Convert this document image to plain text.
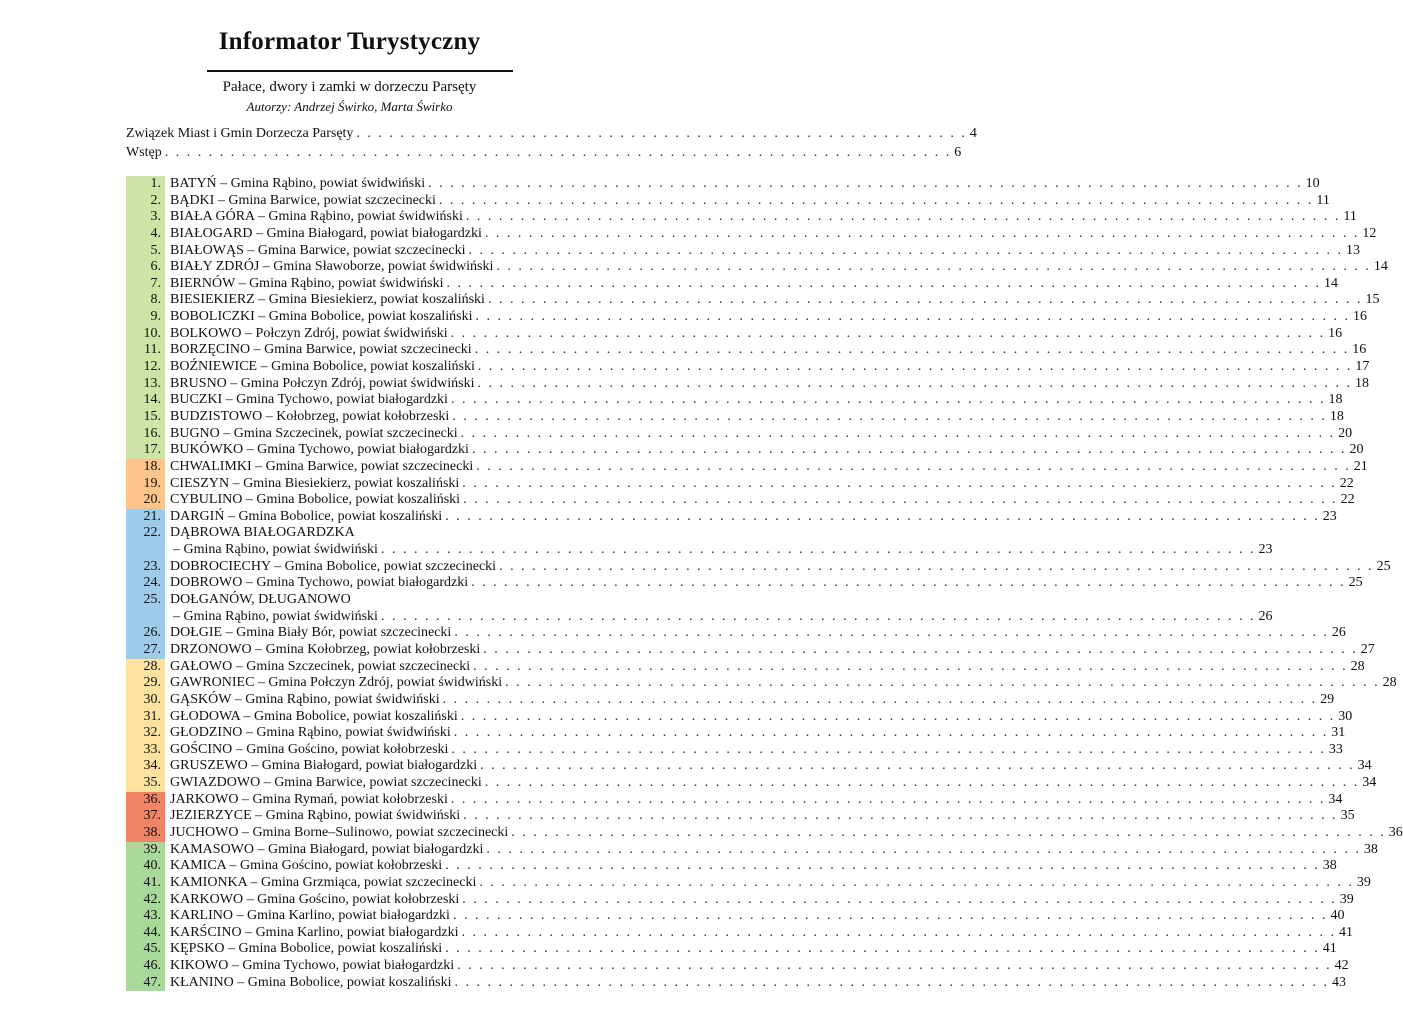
Informator Turystyczny
Pałace, dwory i zamki w dorzeczu Parsęty
Autorzy: Andrzej Świrko, Marta Świrko
Związek Miast i Gmin Dorzecza Parsęty . . . . . . . . . . . . . . . . . . . . . . . . . . . . . . . . . . . . . . . . . . . . . . . . . . . . . . . . 4
Wstęp . . . . . . . . . . . . . . . . . . . . . . . . . . . . . . . . . . . . . . . . . . . . . . . . . . . . . . . . . . . . . . . . . . . . . . . . 6
1. BATYŃ – Gmina Rąbino, powiat świdwiński . . . . . . . . . . . . . . . . . . . . . . . . . . . . . . . . . . . . . . . . . . . . . . . . . . . . . . . . . . . . . . . . . . . . . . . . . . . . . . . . 10
2. BĄDKI – Gmina Barwice, powiat szczecinecki . . . . . . . . . . . . . . . . . . . . . . . . . . . . . . . . . . . . . . . . . . . . . . . . . . . . . . . . . . . . . . . . . . . . . . . . . . . . . . . . 11
3. BIAŁA GÓRA – Gmina Rąbino, powiat świdwiński . . . . . . . . . . . . . . . . . . . . . . . . . . . . . . . . . . . . . . . . . . . . . . . . . . . . . . . . . . . . . . . . . . . . . . . . . . . . . . . . 11
4. BIAŁOGARD – Gmina Białogard, powiat białogardzki . . . . . . . . . . . . . . . . . . . . . . . . . . . . . . . . . . . . . . . . . . . . . . . . . . . . . . . . . . . . . . . . . . . . . . . . . . . . . . . . 12
5. BIAŁOWĄS – Gmina Barwice, powiat szczecinecki . . . . . . . . . . . . . . . . . . . . . . . . . . . . . . . . . . . . . . . . . . . . . . . . . . . . . . . . . . . . . . . . . . . . . . . . . . . . . . . . 13
6. BIAŁY ZDRÓJ – Gmina Sławoborze, powiat świdwiński . . . . . . . . . . . . . . . . . . . . . . . . . . . . . . . . . . . . . . . . . . . . . . . . . . . . . . . . . . . . . . . . . . . . . . . . . . . . . . . . 14
7. BIERNÓW – Gmina Rąbino, powiat świdwiński . . . . . . . . . . . . . . . . . . . . . . . . . . . . . . . . . . . . . . . . . . . . . . . . . . . . . . . . . . . . . . . . . . . . . . . . . . . . . . . . 14
8. BIESIEKIERZ – Gmina Biesiekierz, powiat koszaliński . . . . . . . . . . . . . . . . . . . . . . . . . . . . . . . . . . . . . . . . . . . . . . . . . . . . . . . . . . . . . . . . . . . . . . . . . . . . . . . . 15
9. BOBOLICZKI – Gmina Bobolice, powiat koszaliński . . . . . . . . . . . . . . . . . . . . . . . . . . . . . . . . . . . . . . . . . . . . . . . . . . . . . . . . . . . . . . . . . . . . . . . . . . . . . . . . 16
10. BOLKOWO – Połczyn Zdrój, powiat świdwiński . . . . . . . . . . . . . . . . . . . . . . . . . . . . . . . . . . . . . . . . . . . . . . . . . . . . . . . . . . . . . . . . . . . . . . . . . . . . . . . . 16
11. BORZĘCINO – Gmina Barwice, powiat szczecinecki . . . . . . . . . . . . . . . . . . . . . . . . . . . . . . . . . . . . . . . . . . . . . . . . . . . . . . . . . . . . . . . . . . . . . . . . . . . . . . . . 16
12. BOŹNIEWICE – Gmina Bobolice, powiat koszaliński . . . . . . . . . . . . . . . . . . . . . . . . . . . . . . . . . . . . . . . . . . . . . . . . . . . . . . . . . . . . . . . . . . . . . . . . . . . . . . . . 17
13. BRUSNO – Gmina Połczyn Zdrój, powiat świdwiński . . . . . . . . . . . . . . . . . . . . . . . . . . . . . . . . . . . . . . . . . . . . . . . . . . . . . . . . . . . . . . . . . . . . . . . . . . . . . . . . 18
14. BUCZKI – Gmina Tychowo, powiat białogardzki . . . . . . . . . . . . . . . . . . . . . . . . . . . . . . . . . . . . . . . . . . . . . . . . . . . . . . . . . . . . . . . . . . . . . . . . . . . . . . . . 18
15. BUDZISTOWO – Kołobrzeg, powiat kołobrzeski . . . . . . . . . . . . . . . . . . . . . . . . . . . . . . . . . . . . . . . . . . . . . . . . . . . . . . . . . . . . . . . . . . . . . . . . . . . . . . . . 18
16. BUGNO – Gmina Szczecinek, powiat szczecinecki . . . . . . . . . . . . . . . . . . . . . . . . . . . . . . . . . . . . . . . . . . . . . . . . . . . . . . . . . . . . . . . . . . . . . . . . . . . . . . . . 20
17. BUKÓWKO – Gmina Tychowo, powiat białogardzki . . . . . . . . . . . . . . . . . . . . . . . . . . . . . . . . . . . . . . . . . . . . . . . . . . . . . . . . . . . . . . . . . . . . . . . . . . . . . . . . 20
18. CHWALIMKI – Gmina Barwice, powiat szczecinecki . . . . . . . . . . . . . . . . . . . . . . . . . . . . . . . . . . . . . . . . . . . . . . . . . . . . . . . . . . . . . . . . . . . . . . . . . . . . . . . . 21
19. CIESZYN – Gmina Biesiekierz, powiat koszaliński . . . . . . . . . . . . . . . . . . . . . . . . . . . . . . . . . . . . . . . . . . . . . . . . . . . . . . . . . . . . . . . . . . . . . . . . . . . . . . . . 22
20. CYBULINO – Gmina Bobolice, powiat koszaliński . . . . . . . . . . . . . . . . . . . . . . . . . . . . . . . . . . . . . . . . . . . . . . . . . . . . . . . . . . . . . . . . . . . . . . . . . . . . . . . . 22
21. DARGIŃ – Gmina Bobolice, powiat koszaliński . . . . . . . . . . . . . . . . . . . . . . . . . . . . . . . . . . . . . . . . . . . . . . . . . . . . . . . . . . . . . . . . . . . . . . . . . . . . . . . . 23
22. DĄBROWA BIAŁOGARDZKA
– Gmina Rąbino, powiat świdwiński . . . . . . . . . . . . . . . . . . . . . . . . . . . . . . . . . . . . . . . . . . . . . . . . . . . . . . . . . . . . . . . . . . . . . . . . . . . . . . . . 23
23. DOBROCIECHY – Gmina Bobolice, powiat szczecinecki . . . . . . . . . . . . . . . . . . . . . . . . . . . . . . . . . . . . . . . . . . . . . . . . . . . . . . . . . . . . . . . . . . . . . . . . . . . . . . . . 25
24. DOBROWO – Gmina Tychowo, powiat białogardzki . . . . . . . . . . . . . . . . . . . . . . . . . . . . . . . . . . . . . . . . . . . . . . . . . . . . . . . . . . . . . . . . . . . . . . . . . . . . . . . . 25
25. DOŁGANÓW, DŁUGANOWO
– Gmina Rąbino, powiat świdwiński . . . . . . . . . . . . . . . . . . . . . . . . . . . . . . . . . . . . . . . . . . . . . . . . . . . . . . . . . . . . . . . . . . . . . . . . . . . . . . . . 26
26. DOŁGIE – Gmina Biały Bór, powiat szczecinecki . . . . . . . . . . . . . . . . . . . . . . . . . . . . . . . . . . . . . . . . . . . . . . . . . . . . . . . . . . . . . . . . . . . . . . . . . . . . . . . . 26
27. DRZONOWO – Gmina Kołobrzeg, powiat kołobrzeski . . . . . . . . . . . . . . . . . . . . . . . . . . . . . . . . . . . . . . . . . . . . . . . . . . . . . . . . . . . . . . . . . . . . . . . . . . . . . . . . 27
28. GAŁOWO – Gmina Szczecinek, powiat szczecinecki . . . . . . . . . . . . . . . . . . . . . . . . . . . . . . . . . . . . . . . . . . . . . . . . . . . . . . . . . . . . . . . . . . . . . . . . . . . . . . . . 28
29. GAWRONIEC – Gmina Połczyn Zdrój, powiat świdwiński . . . . . . . . . . . . . . . . . . . . . . . . . . . . . . . . . . . . . . . . . . . . . . . . . . . . . . . . . . . . . . . . . . . . . . . . . . . . . . . . 28
30. GĄSKÓW – Gmina Rąbino, powiat świdwiński . . . . . . . . . . . . . . . . . . . . . . . . . . . . . . . . . . . . . . . . . . . . . . . . . . . . . . . . . . . . . . . . . . . . . . . . . . . . . . . . 29
31. GŁODOWA – Gmina Bobolice, powiat koszaliński . . . . . . . . . . . . . . . . . . . . . . . . . . . . . . . . . . . . . . . . . . . . . . . . . . . . . . . . . . . . . . . . . . . . . . . . . . . . . . . . 30
32. GŁODZINO – Gmina Rąbino, powiat świdwiński . . . . . . . . . . . . . . . . . . . . . . . . . . . . . . . . . . . . . . . . . . . . . . . . . . . . . . . . . . . . . . . . . . . . . . . . . . . . . . . . 31
33. GOŚCINO – Gmina Gościno, powiat kołobrzeski . . . . . . . . . . . . . . . . . . . . . . . . . . . . . . . . . . . . . . . . . . . . . . . . . . . . . . . . . . . . . . . . . . . . . . . . . . . . . . . . 33
34. GRUSZEWO – Gmina Białogard, powiat białogardzki . . . . . . . . . . . . . . . . . . . . . . . . . . . . . . . . . . . . . . . . . . . . . . . . . . . . . . . . . . . . . . . . . . . . . . . . . . . . . . . . 34
35. GWIAZDOWO – Gmina Barwice, powiat szczecinecki . . . . . . . . . . . . . . . . . . . . . . . . . . . . . . . . . . . . . . . . . . . . . . . . . . . . . . . . . . . . . . . . . . . . . . . . . . . . . . . . 34
36. JARKOWO – Gmina Rymań, powiat kołobrzeski . . . . . . . . . . . . . . . . . . . . . . . . . . . . . . . . . . . . . . . . . . . . . . . . . . . . . . . . . . . . . . . . . . . . . . . . . . . . . . . . 34
37. JEZIERZYCE – Gmina Rąbino, powiat świdwiński . . . . . . . . . . . . . . . . . . . . . . . . . . . . . . . . . . . . . . . . . . . . . . . . . . . . . . . . . . . . . . . . . . . . . . . . . . . . . . . . 35
38. JUCHOWO – Gmina Borne–Sulinowo, powiat szczecinecki . . . . . . . . . . . . . . . . . . . . . . . . . . . . . . . . . . . . . . . . . . . . . . . . . . . . . . . . . . . . . . . . . . . . . . . . . . . . . . . . 36
39. KAMASOWO – Gmina Białogard, powiat białogardzki . . . . . . . . . . . . . . . . . . . . . . . . . . . . . . . . . . . . . . . . . . . . . . . . . . . . . . . . . . . . . . . . . . . . . . . . . . . . . . . . 38
40. KAMICA – Gmina Gościno, powiat kołobrzeski . . . . . . . . . . . . . . . . . . . . . . . . . . . . . . . . . . . . . . . . . . . . . . . . . . . . . . . . . . . . . . . . . . . . . . . . . . . . . . . . 38
41. KAMIONKA – Gmina Grzmiąca, powiat szczecinecki . . . . . . . . . . . . . . . . . . . . . . . . . . . . . . . . . . . . . . . . . . . . . . . . . . . . . . . . . . . . . . . . . . . . . . . . . . . . . . . . 39
42. KARKOWO – Gmina Gościno, powiat kołobrzeski . . . . . . . . . . . . . . . . . . . . . . . . . . . . . . . . . . . . . . . . . . . . . . . . . . . . . . . . . . . . . . . . . . . . . . . . . . . . . . . . 39
43. KARLINO – Gmina Karlino, powiat białogardzki . . . . . . . . . . . . . . . . . . . . . . . . . . . . . . . . . . . . . . . . . . . . . . . . . . . . . . . . . . . . . . . . . . . . . . . . . . . . . . . . 40
44. KARŚCINO – Gmina Karlino, powiat białogardzki . . . . . . . . . . . . . . . . . . . . . . . . . . . . . . . . . . . . . . . . . . . . . . . . . . . . . . . . . . . . . . . . . . . . . . . . . . . . . . . . 41
45. KĘPSKO – Gmina Bobolice, powiat koszaliński . . . . . . . . . . . . . . . . . . . . . . . . . . . . . . . . . . . . . . . . . . . . . . . . . . . . . . . . . . . . . . . . . . . . . . . . . . . . . . . . 41
46. KIKOWO – Gmina Tychowo, powiat białogardzki . . . . . . . . . . . . . . . . . . . . . . . . . . . . . . . . . . . . . . . . . . . . . . . . . . . . . . . . . . . . . . . . . . . . . . . . . . . . . . . . 42
47. KŁANINO – Gmina Bobolice, powiat koszaliński . . . . . . . . . . . . . . . . . . . . . . . . . . . . . . . . . . . . . . . . . . . . . . . . . . . . . . . . . . . . . . . . . . . . . . . . . . . . . . . . 43
